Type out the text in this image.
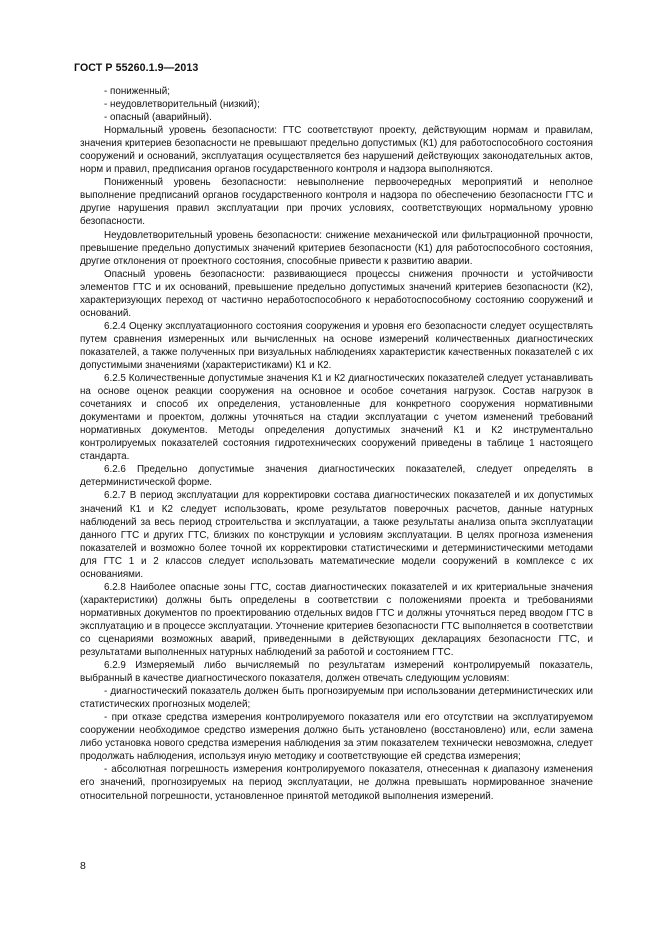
ГОСТ Р 55260.1.9—2013

- пониженный;

- неудовлетворительный (низкий);

- опасный (аварийный).

Нормальный уровень безопасности: ГТС соответствуют проекту, действующим нормам и правилам, значения критериев безопасности не превышают предельно допустимых (К1) для работоспособного состояния сооружений и оснований, эксплуатация осуществляется без нарушений действующих законодательных актов, норм и правил, предписания органов государственного контроля и надзора выполняются.

Пониженный уровень безопасности: невыполнение первоочередных мероприятий и неполное выполнение предписаний органов государственного контроля и надзора по обеспечению безопасности ГТС и другие нарушения правил эксплуатации при прочих условиях, соответствующих нормальному уровню безопасности.

Неудовлетворительный уровень безопасности: снижение механической или фильтрационной прочности, превышение предельно допустимых значений критериев безопасности (К1) для работоспособного состояния, другие отклонения от проектного состояния, способные привести к развитию аварии.

Опасный уровень безопасности: развивающиеся процессы снижения прочности и устойчивости элементов ГТС и их оснований, превышение предельно допустимых значений критериев безопасности (К2), характеризующих переход от частично неработоспособного к неработоспособному состоянию сооружений и оснований.

6.2.4 Оценку эксплуатационного состояния сооружения и уровня его безопасности следует осуществлять путем сравнения измеренных или вычисленных на основе измерений количественных диагностических показателей, а также полученных при визуальных наблюдениях характеристик качественных показателей с их допустимыми значениями (характеристиками) К1 и К2.

6.2.5 Количественные допустимые значения К1 и К2 диагностических показателей следует устанавливать на основе оценок реакции сооружения на основное и особое сочетания нагрузок. Состав нагрузок в сочетаниях и способ их определения, установленные для конкретного сооружения нормативными документами и проектом, должны уточняться на стадии эксплуатации с учетом изменений требований нормативных документов. Методы определения допустимых значений К1 и К2 инструментально контролируемых показателей состояния гидротехнических сооружений приведены в таблице 1 настоящего стандарта.

6.2.6 Предельно допустимые значения диагностических показателей, следует определять в детерминистической форме.

6.2.7 В период эксплуатации для корректировки состава диагностических показателей и их допустимых значений К1 и К2 следует использовать, кроме результатов поверочных расчетов, данные натурных наблюдений за весь период строительства и эксплуатации, а также результаты анализа опыта эксплуатации данного ГТС и других ГТС, близких по конструкции и условиям эксплуатации. В целях прогноза изменения показателей и возможно более точной их корректировки статистическими и детерминистическими методами для ГТС 1 и 2 классов следует использовать математические модели сооружений в комплексе с их основаниями.

6.2.8 Наиболее опасные зоны ГТС, состав диагностических показателей и их критериальные значения (характеристики) должны быть определены в соответствии с положениями проекта и требованиями нормативных документов по проектированию отдельных видов ГТС и должны уточняться перед вводом ГТС в эксплуатацию и в процессе эксплуатации. Уточнение критериев безопасности ГТС выполняется в соответствии со сценариями возможных аварий, приведенными в действующих декларациях безопасности ГТС, и результатами выполненных натурных наблюдений за работой и состоянием ГТС.

6.2.9 Измеряемый либо вычисляемый по результатам измерений контролируемый показатель, выбранный в качестве диагностического показателя, должен отвечать следующим условиям:

- диагностический показатель должен быть прогнозируемым при использовании детерминистических или статистических прогнозных моделей;

- при отказе средства измерения контролируемого показателя или его отсутствии на эксплуатируемом сооружении необходимое средство измерения должно быть установлено (восстановлено) или, если замена либо установка нового средства измерения наблюдения за этим показателем технически невозможна, следует продолжать наблюдения, используя иную методику и соответствующие ей средства измерения;

- абсолютная погрешность измерения контролируемого показателя, отнесенная к диапазону изменения его значений, прогнозируемых на период эксплуатации, не должна превышать нормированное значение относительной погрешности, установленное принятой методикой выполнения измерений.

8
